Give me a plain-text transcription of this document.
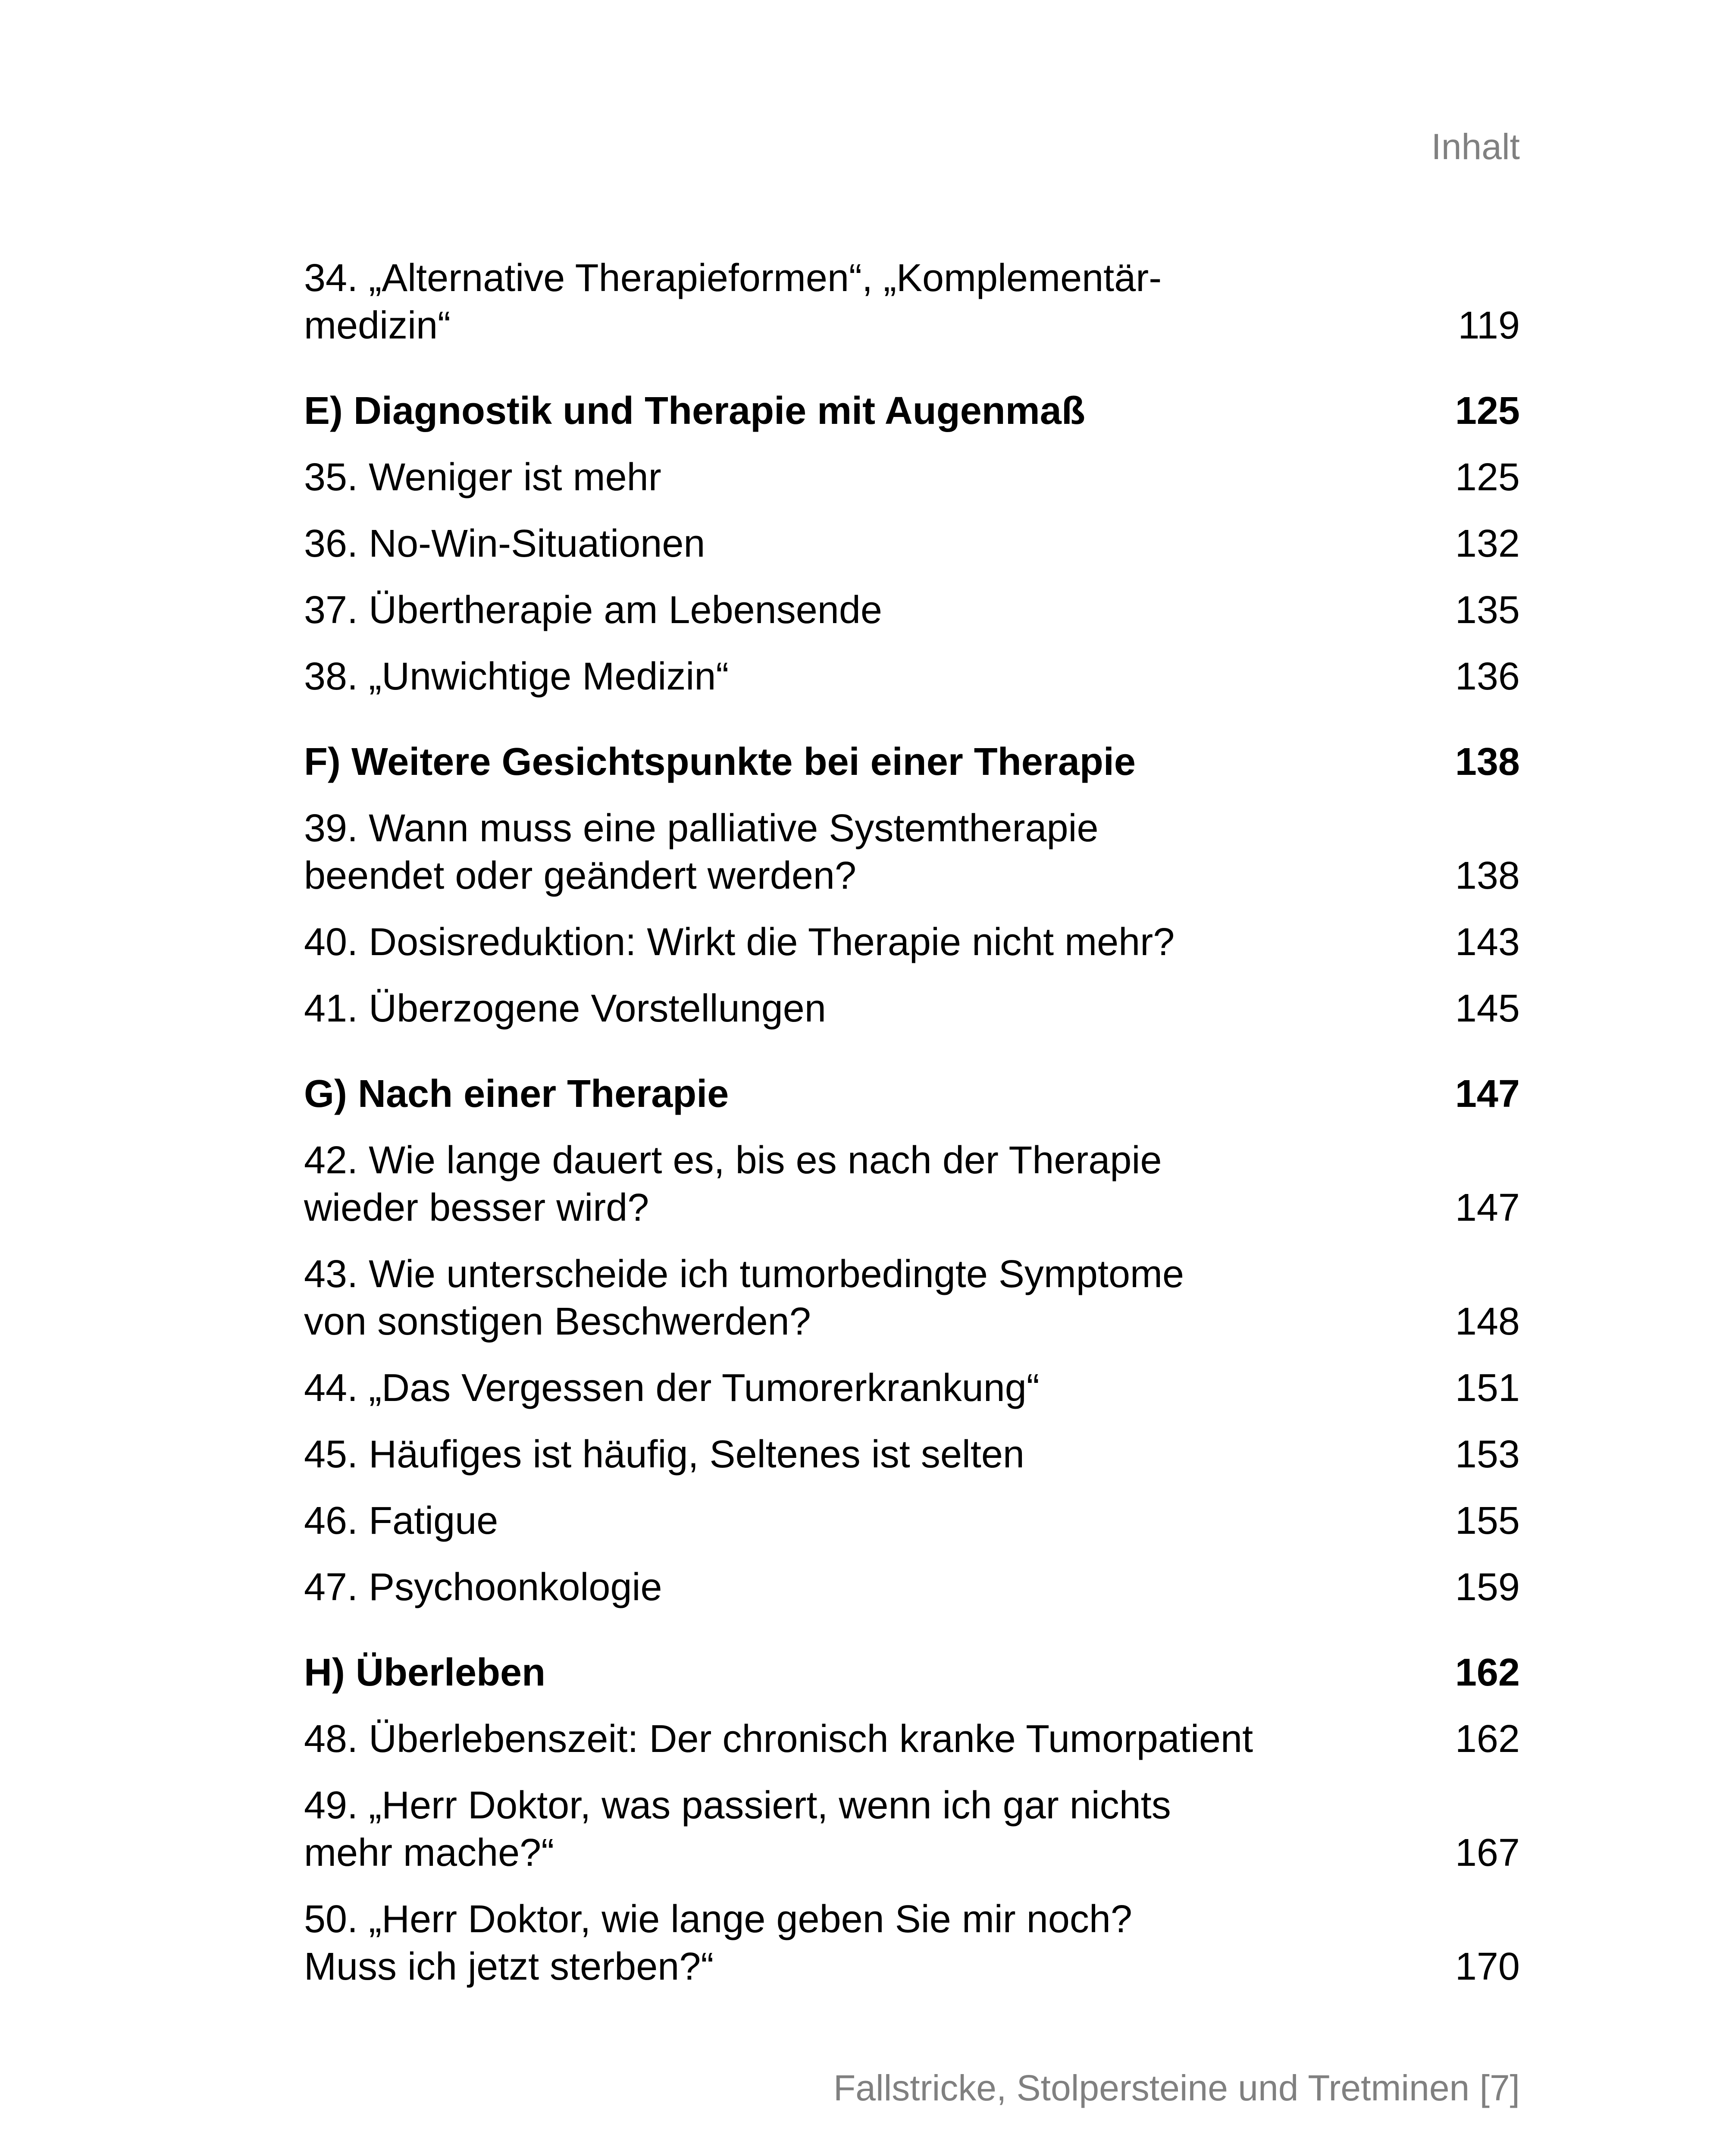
Inhalt
34. „Alternative Therapieformen“, „Komplementär-
medizin“	119
E) Diagnostik und Therapie mit Augenmaß	125
35. Weniger ist mehr	125
36. No-Win-Situationen	132
37. Übertherapie am Lebensende	135
38. „Unwichtige Medizin“	136
F) Weitere Gesichtspunkte bei einer Therapie	138
39. Wann muss eine palliative Systemtherapie
beendet oder geändert werden?	138
40. Dosisreduktion: Wirkt die Therapie nicht mehr?	143
41. Überzogene Vorstellungen	145
G) Nach einer Therapie	147
42. Wie lange dauert es, bis es nach der Therapie
wieder besser wird?	147
43. Wie unterscheide ich tumorbedingte Symptome
von sonstigen Beschwerden?	148
44. „Das Vergessen der Tumorerkrankung“	151
45. Häufiges ist häufig, Seltenes ist selten	153
46. Fatigue	155
47. Psychoonkologie	159
H) Überleben	162
48. Überlebenszeit: Der chronisch kranke Tumorpatient	162
49. „Herr Doktor, was passiert, wenn ich gar nichts
mehr mache?“	167
50. „Herr Doktor, wie lange geben Sie mir noch?
Muss ich jetzt sterben?“	170
Fallstricke, Stolpersteine und Tretminen [7]
